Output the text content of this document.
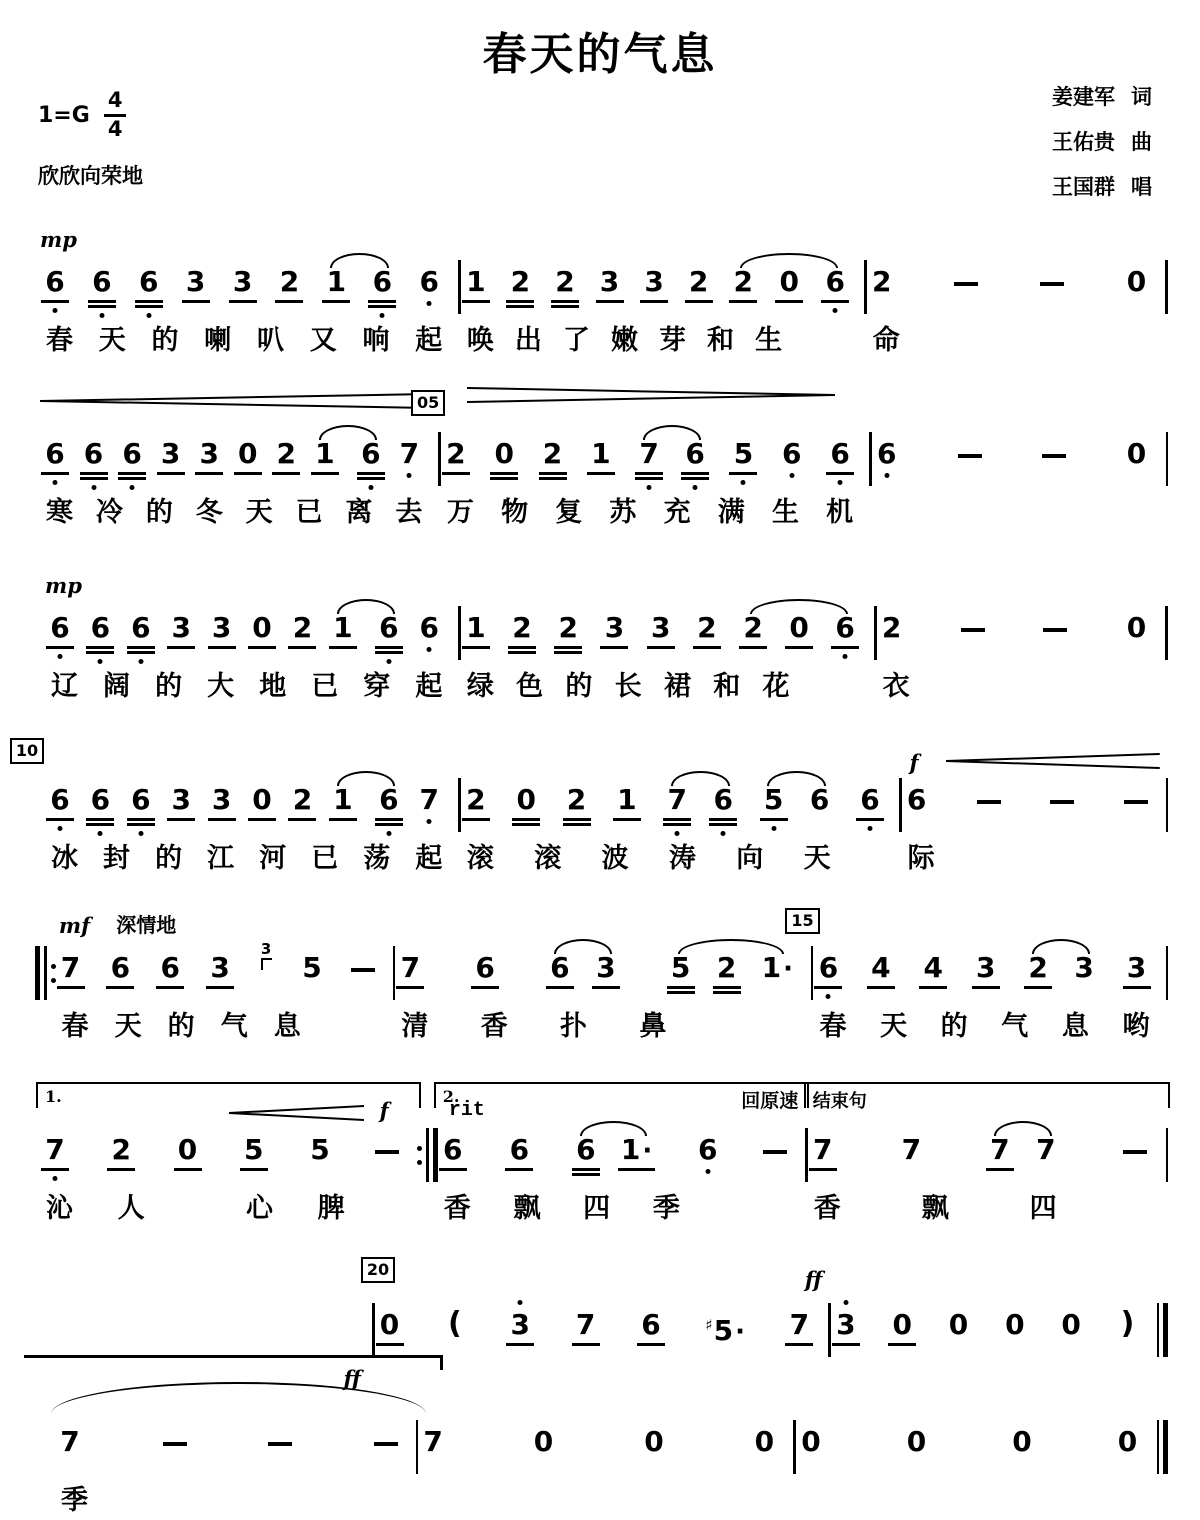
春天的气息
$1=G \frac{4}{4}$
欣欣向荣地
姜建军 词
王佑贵 曲
王国群 唱
mp
6 6 6 3 3 2 1 6 6
春 天 的 喇 叭 又 响 起
1 2 2 3 3 2 2 0 6
唤 出 了 嫩 芽 和 生
2	0
命
6 6 6 3 3 0 2 1 6 7
寒 冷 的 冬 天 已 离 去
05
2 0 2 1 7 6 5 6 6
万 物 复 苏 充 满 生 机
6	0
mp
6 6 6 3 3 0 2 1 6 6
辽 阔 的 大 地 已 穿 起
1 2 2 3 3 2 2 0 6
绿 色 的 长 裙 和 花
2	0
衣
10
6 6 6 3 3 0 2 1 6 7
冰 封 的 江 河 已 荡 起
2 0 2 1 7 6 5 6 6
滚 滚 波 涛 向 天
f
6
际
mf 深情地
7 6 6 3
3
5
春 天 的 气 息
7 6 6 3 5 2 1·
清 香 扑 鼻
15
6 4 4 3 2 3 3
春 天 的 气 息 哟
1.
f
7 2 0 5 5
沁 人	心 脾
2.	回原速
rit
6 6 6 1· 6
香 飘 四 季
结束句
7 7 7 7
香	飘	四
20
0 ( 3 7 6	♯5· 7
ff
3 0 0 0 0 )
ff
7
季
7	0	0	0 0	0	0	0
